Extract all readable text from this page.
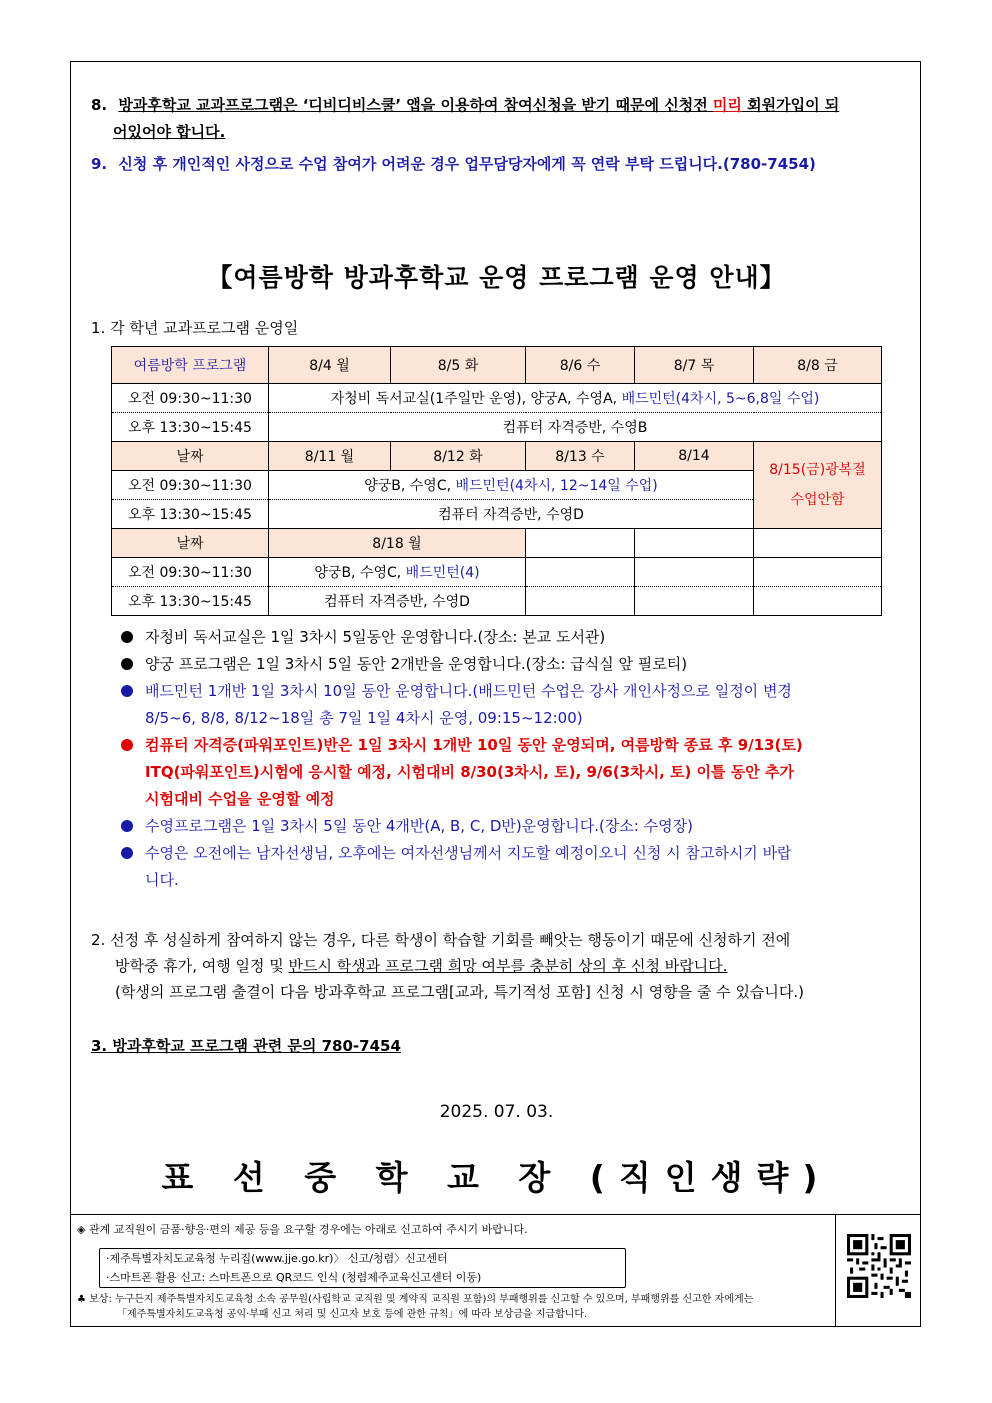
8. 방과후학교 교과프로그램은 ‘디비디비스쿨’ 앱을 이용하여 참여신청을 받기 때문에 신청전 미리 회원가입이 되
어있어야 합니다.
9. 신청 후 개인적인 사정으로 수업 참여가 어려운 경우 업무담당자에게 꼭 연락 부탁 드립니다.(780-7454)
【여름방학 방과후학교 운영 프로그램 운영 안내】
1. 각 학년 교과프로그램 운영일
여름방학 프로그램	8/4 월	8/5 화	8/6 수	8/7 목	8/8 금
오전 09:30~11:30	자청비 독서교실(1주일만 운영), 양궁A, 수영A, 배드민턴(4차시, 5~6,8일 수업)				
오후 13:30~15:45	컴퓨터 자격증반, 수영B				
날짜	8/11 월	8/12 화	8/13 수	8/14	8/15(금)광복절
수업안함

오전 09:30~11:30	양궁B, 수영C, 배드민턴(4차시, 12~14일 수업)				
오후 13:30~15:45	컴퓨터 자격증반, 수영D				
날짜	8/18 월				
오전 09:30~11:30	양궁B, 수영C, 배드민턴(4)				
오후 13:30~15:45	컴퓨터 자격증반, 수영D				
자청비 독서교실은 1일 3차시 5일동안 운영합니다.(장소: 본교 도서관)
양궁 프로그램은 1일 3차시 5일 동안 2개반을 운영합니다.(장소: 급식실 앞 필로티)
배드민턴 1개반 1일 3차시 10일 동안 운영합니다.(배드민턴 수업은 강사 개인사정으로 일정이 변경
8/5~6, 8/8, 8/12~18일 총 7일 1일 4차시 운영, 09:15~12:00)
컴퓨터 자격증(파워포인트)반은 1일 3차시 1개반 10일 동안 운영되며, 여름방학 종료 후 9/13(토)
ITQ(파워포인트)시험에 응시할 예정, 시험대비 8/30(3차시, 토), 9/6(3차시, 토) 이틀 동안 추가
시험대비 수업을 운영할 예정
수영프로그램은 1일 3차시 5일 동안 4개반(A, B, C, D반)운영합니다.(장소: 수영장)
수영은 오전에는 남자선생님, 오후에는 여자선생님께서 지도할 예정이오니 신청 시 참고하시기 바랍
니다.
2. 선정 후 성실하게 참여하지 않는 경우, 다른 학생이 학습할 기회를 빼앗는 행동이기 때문에 신청하기 전에
방학중 휴가, 여행 일정 및 반드시 학생과 프로그램 희망 여부를 충분히 상의 후 신청 바랍니다.
(학생의 프로그램 출결이 다음 방과후학교 프로그램[교과, 특기적성 포함] 신청 시 영향을 줄 수 있습니다.)
3. 방과후학교 프로그램 관련 문의 780-7454
2025. 07. 03.
표 선 중 학 교 장 (직인생략)
◈ 관계 교직원이 금품·향응·편의 제공 등을 요구할 경우에는 아래로 신고하여 주시기 바랍니다.
·제주특별자치도교육청 누리집(www.jje.go.kr)〉 신고/청렴〉신고센터
·스마트폰 활용 신고: 스마트폰으로 QR코드 인식 (청렴제주교육신고센터 이동)
♣ 보상: 누구든지 제주특별자치도교육청 소속 공무원(사립학교 교직원 및 계약직 교직원 포함)의 부패행위를 신고할 수 있으며, 부패행위를 신고한 자에게는
「제주특별자치도교육청 공익·부패 신고 처리 및 신고자 보호 등에 관한 규칙」에 따라 보상금을 지급합니다.
